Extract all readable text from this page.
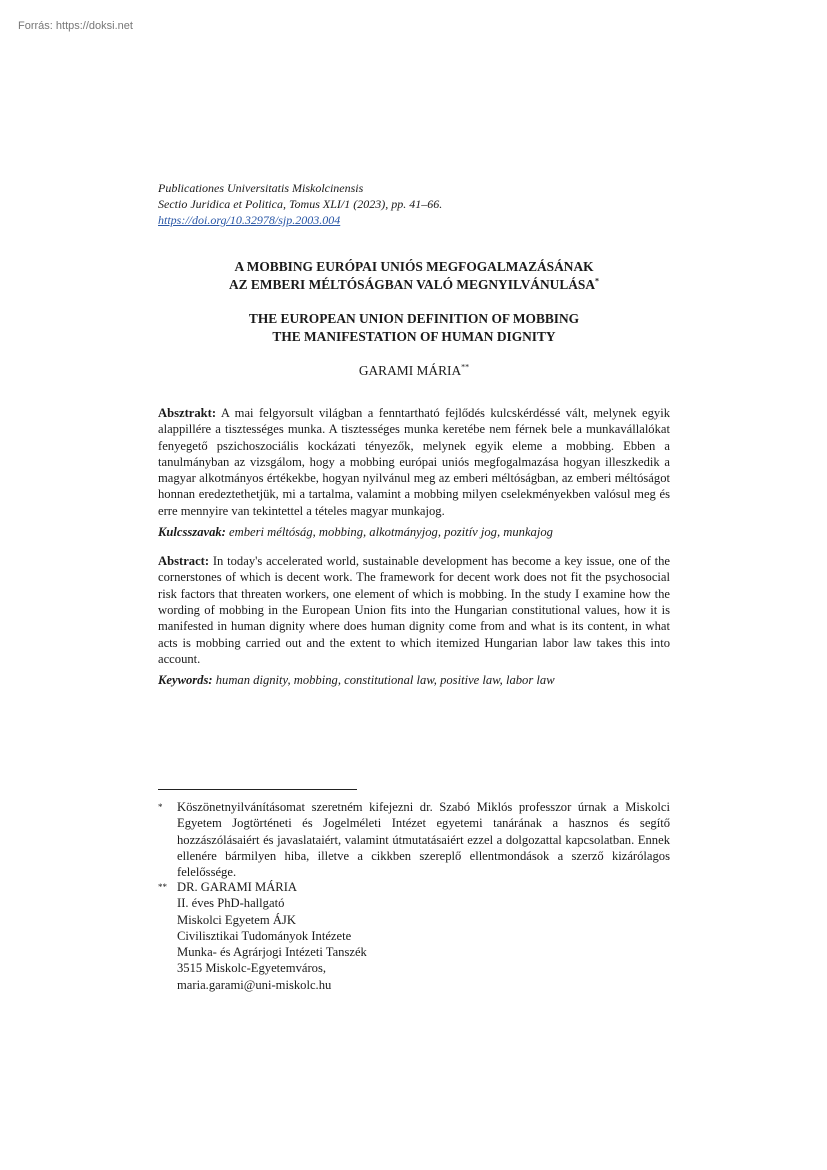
Forrás: https://doksi.net
Publicationes Universitatis Miskolcinensis
Sectio Juridica et Politica, Tomus XLI/1 (2023), pp. 41–66.
https://doi.org/10.32978/sjp.2003.004
A MOBBING EURÓPAI UNIÓS MEGFOGALMAZÁSÁNAK
AZ EMBERI MÉLTÓSÁGBAN VALÓ MEGNYILVÁNULÁSA*
THE EUROPEAN UNION DEFINITION OF MOBBING
THE MANIFESTATION OF HUMAN DIGNITY
GARAMI MÁRIA**
Absztrakt: A mai felgyorsult világban a fenntartható fejlődés kulcskérdéssé vált, melynek egyik alappillére a tisztességes munka. A tisztességes munka keretébe nem férnek bele a munkavállalókat fenyegető pszichoszociális kockázati tényezők, melynek egyik eleme a mobbing. Ebben a tanulmányban az vizsgálom, hogy a mobbing európai uniós megfogalmazása hogyan illeszkedik a magyar alkotmányos értékekbe, hogyan nyilvánul meg az emberi méltóságban, az emberi méltóságot honnan eredeztethetjük, mi a tartalma, valamint a mobbing milyen cselekményekben valósul meg és erre mennyire van tekintettel a tételes magyar munkajog.
Kulcsszavak: emberi méltóság, mobbing, alkotmányjog, pozitív jog, munkajog
Abstract: In today's accelerated world, sustainable development has become a key issue, one of the cornerstones of which is decent work. The framework for decent work does not fit the psychosocial risk factors that threaten workers, one element of which is mobbing. In the study I examine how the wording of mobbing in the European Union fits into the Hungarian constitutional values, how it is manifested in human dignity where does human dignity come from and what is its content, in what acts is mobbing carried out and the extent to which itemized Hungarian labor law takes this into account.
Keywords: human dignity, mobbing, constitutional law, positive law, labor law
* Köszönetnyilvánításomat szeretném kifejezni dr. Szabó Miklós professzor úrnak a Miskolci Egyetem Jogtörténeti és Jogelméleti Intézet egyetemi tanárának a hasznos és segítő hozzászólásaiért és javaslataiért, valamint útmutatásaiért ezzel a dolgozattal kapcsolatban. Ennek ellenére bármilyen hiba, illetve a cikkben szereplő ellentmondások a szerző kizárólagos felelőssége.
** DR. GARAMI MÁRIA
II. éves PhD-hallgató
Miskolci Egyetem ÁJK
Civilisztikai Tudományok Intézete
Munka- és Agrárjogi Intézeti Tanszék
3515 Miskolc-Egyetemváros,
maria.garami@uni-miskolc.hu
